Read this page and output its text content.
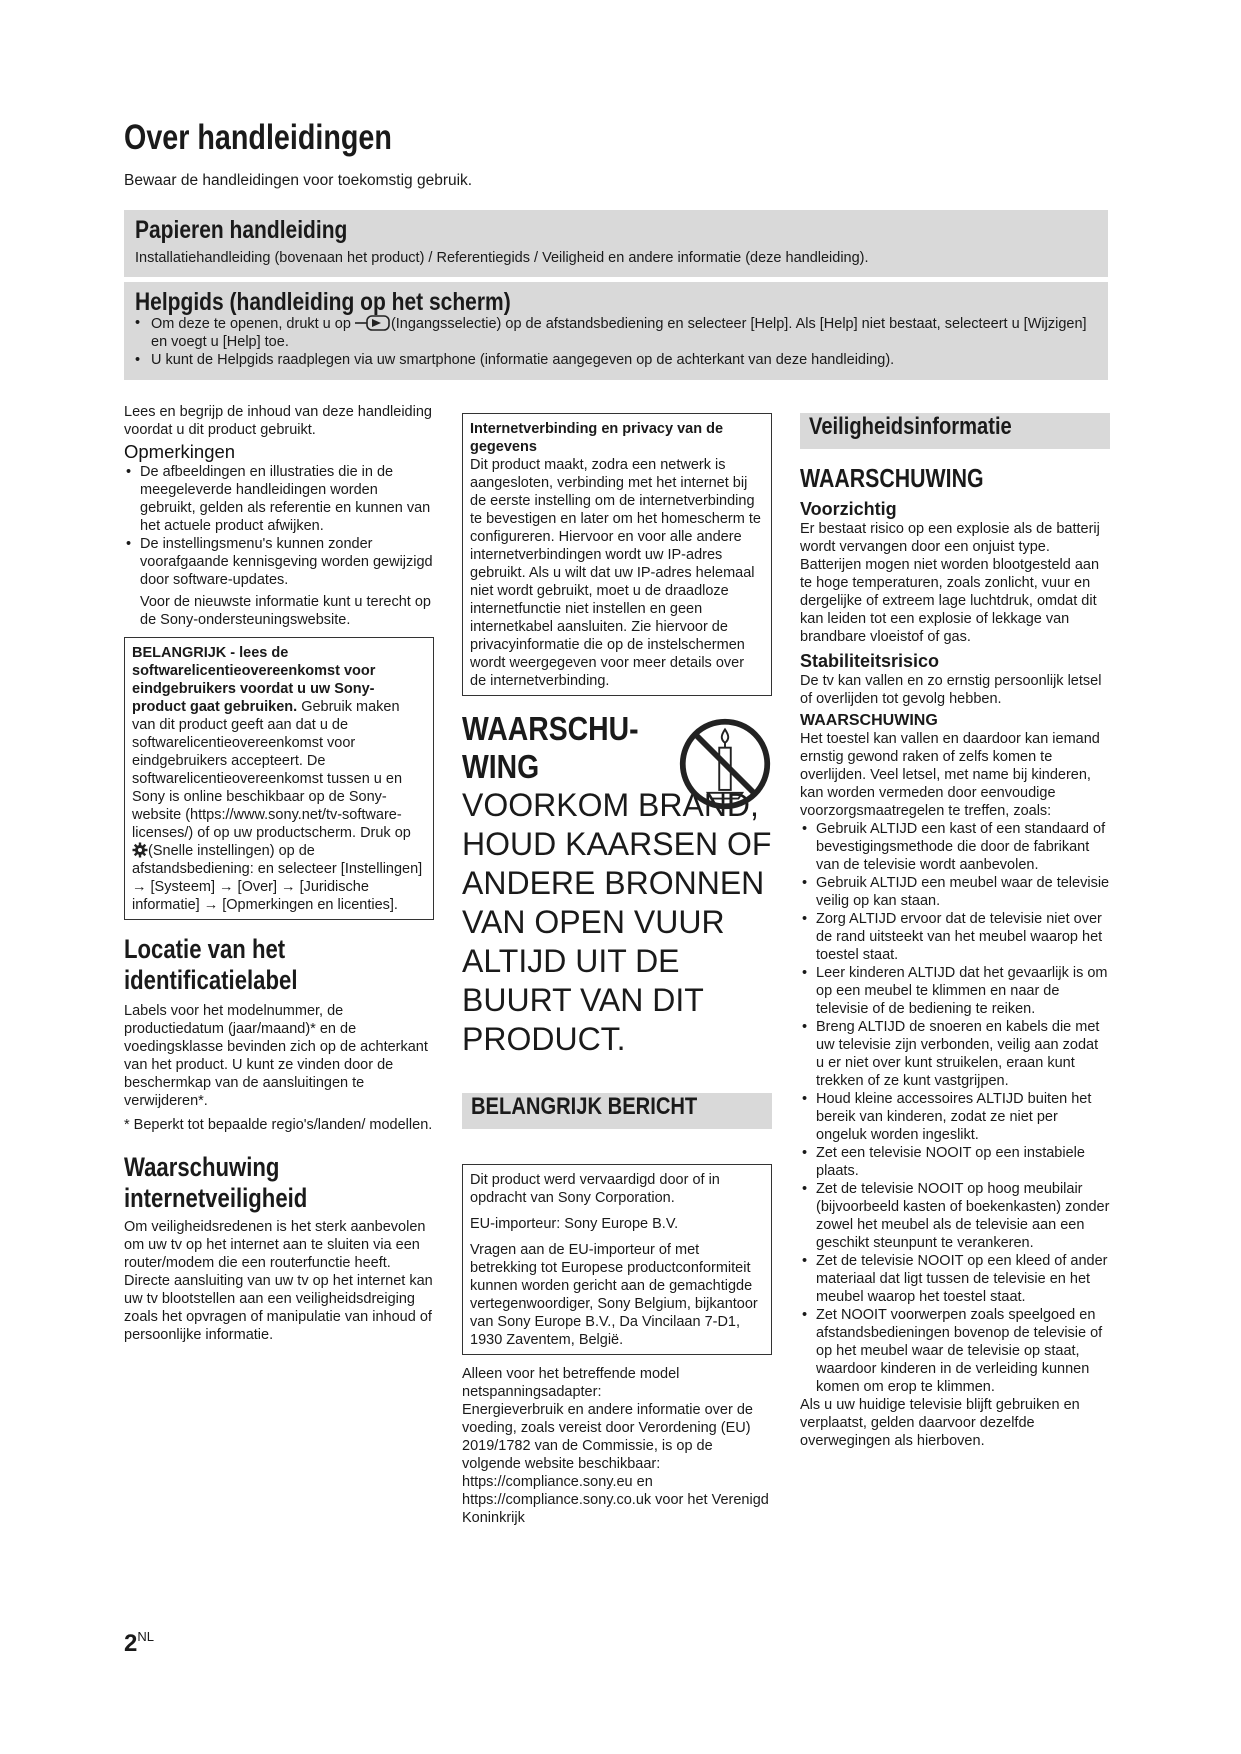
Over handleidingen
Bewaar de handleidingen voor toekomstig gebruik.
Papieren handleiding
Installatiehandleiding (bovenaan het product) / Referentiegids / Veiligheid en andere informatie (deze handleiding).
Helpgids (handleiding op het scherm)
• Om deze te openen, drukt u op	(Ingangsselectie) op de afstandsbediening en selecteer [Help]. Als [Help] niet bestaat, selecteert u [Wijzigen] en voegt u [Help] toe.
• U kunt de Helpgids raadplegen via uw smartphone (informatie aangegeven op de achterkant van deze handleiding).

Lees en begrijp de inhoud van deze handleiding voordat u dit product gebruikt.

Opmerkingen
• De afbeeldingen en illustraties die in de meegeleverde handleidingen worden gebruikt, gelden als referentie en kunnen van het actuele product afwijken.
• De instellingsmenu's kunnen zonder voorafgaande kennisgeving worden gewijzigd door software-updates.

Voor de nieuwste informatie kunt u terecht op de Sony-ondersteuningswebsite.

BELANGRIJK - lees de softwarelicentieovereenkomst voor eindgebruikers voordat u uw Sony-product gaat gebruiken. Gebruik maken van dit product geeft aan dat u de softwarelicentieovereenkomst voor eindgebruikers accepteert. De softwarelicentieovereenkomst tussen u en Sony is online beschikbaar op de Sony-website (https://www.sony.net/tv-software-licenses/) of op uw productscherm. Druk op (Snelle instellingen) op de afstandsbediening: en selecteer [Instellingen] → [Systeem] → [Over] → [Juridische informatie] → [Opmerkingen en licenties].
Locatie van het identificatielabel

Labels voor het modelnummer, de productiedatum (jaar/maand)* en de voedingsklasse bevinden zich op de achterkant van het product. U kunt ze vinden door de beschermkap van de aansluitingen te verwijderen*.

* Beperkt tot bepaalde regio's/landen/ modellen.

Waarschuwing internetveiligheid

Om veiligheidsredenen is het sterk aanbevolen om uw tv op het internet aan te sluiten via een router/modem die een routerfunctie heeft. Directe aansluiting van uw tv op het internet kan uw tv blootstellen aan een veiligheidsdreiging zoals het opvragen of manipulatie van inhoud of persoonlijke informatie.

Internetverbinding en privacy van de gegevens
Dit product maakt, zodra een netwerk is aangesloten, verbinding met het internet bij de eerste instelling om de internetverbinding te bevestigen en later om het homescherm te configureren. Hiervoor en voor alle andere internetverbindingen wordt uw IP-adres gebruikt. Als u wilt dat uw IP-adres helemaal niet wordt gebruikt, moet u de draadloze internetfunctie niet instellen en geen internetkabel aansluiten. Zie hiervoor de privacyinformatie die op de instelschermen wordt weergegeven voor meer details over de internetverbinding.
WAARSCHU-
WING

VOORKOM BRAND, HOUD KAARSEN OF ANDERE BRONNEN VAN OPEN VUUR ALTIJD UIT DE BUURT VAN DIT PRODUCT.

BELANGRIJK BERICHT

Dit product werd vervaardigd door of in opdracht van Sony Corporation.

EU-importeur: Sony Europe B.V.

Vragen aan de EU-importeur of met betrekking tot Europese productconformiteit kunnen worden gericht aan de gemachtigde vertegenwoordiger, Sony Belgium, bijkantoor van Sony Europe B.V., Da Vincilaan 7-D1, 1930 Zaventem, België.

Alleen voor het betreffende model netspanningsadapter:

Energieverbruik en andere informatie over de voeding, zoals vereist door Verordening (EU) 2019/1782 van de Commissie, is op de volgende website beschikbaar:

https://compliance.sony.eu en https://compliance.sony.co.uk voor het Verenigd Koninkrijk

Veiligheidsinformatie
WAARSCHUWING
Voorzichtig

Er bestaat risico op een explosie als de batterij wordt vervangen door een onjuist type.

Batterijen mogen niet worden blootgesteld aan te hoge temperaturen, zoals zonlicht, vuur en dergelijke of extreem lage luchtdruk, omdat dit kan leiden tot een explosie of lekkage van brandbare vloeistof of gas.

Stabiliteitsrisico

De tv kan vallen en zo ernstig persoonlijk letsel of overlijden tot gevolg hebben.

WAARSCHUWING

Het toestel kan vallen en daardoor kan iemand ernstig gewond raken of zelfs komen te overlijden. Veel letsel, met name bij kinderen, kan worden vermeden door eenvoudige voorzorgsmaatregelen te treffen, zoals:

• Gebruik ALTIJD een kast of een standaard of bevestigingsmethode die door de fabrikant van de televisie wordt aanbevolen.
• Gebruik ALTIJD een meubel waar de televisie veilig op kan staan.
• Zorg ALTIJD ervoor dat de televisie niet over de rand uitsteekt van het meubel waarop het toestel staat.
• Leer kinderen ALTIJD dat het gevaarlijk is om op een meubel te klimmen en naar de televisie of de bediening te reiken.
• Breng ALTIJD de snoeren en kabels die met uw televisie zijn verbonden, veilig aan zodat u er niet over kunt struikelen, eraan kunt trekken of ze kunt vastgrijpen.
• Houd kleine accessoires ALTIJD buiten het bereik van kinderen, zodat ze niet per ongeluk worden ingeslikt.
• Zet een televisie NOOIT op een instabiele plaats.
• Zet de televisie NOOIT op hoog meubilair (bijvoorbeeld kasten of boekenkasten) zonder zowel het meubel als de televisie aan een geschikt steunpunt te verankeren.
• Zet de televisie NOOIT op een kleed of ander materiaal dat ligt tussen de televisie en het meubel waarop het toestel staat.
• Zet NOOIT voorwerpen zoals speelgoed en afstandsbedieningen bovenop de televisie of op het meubel waar de televisie op staat, waardoor kinderen in de verleiding kunnen komen om erop te klimmen.

Als u uw huidige televisie blijft gebruiken en verplaatst, gelden daarvoor dezelfde overwegingen als hierboven.

$2^{NL}$
